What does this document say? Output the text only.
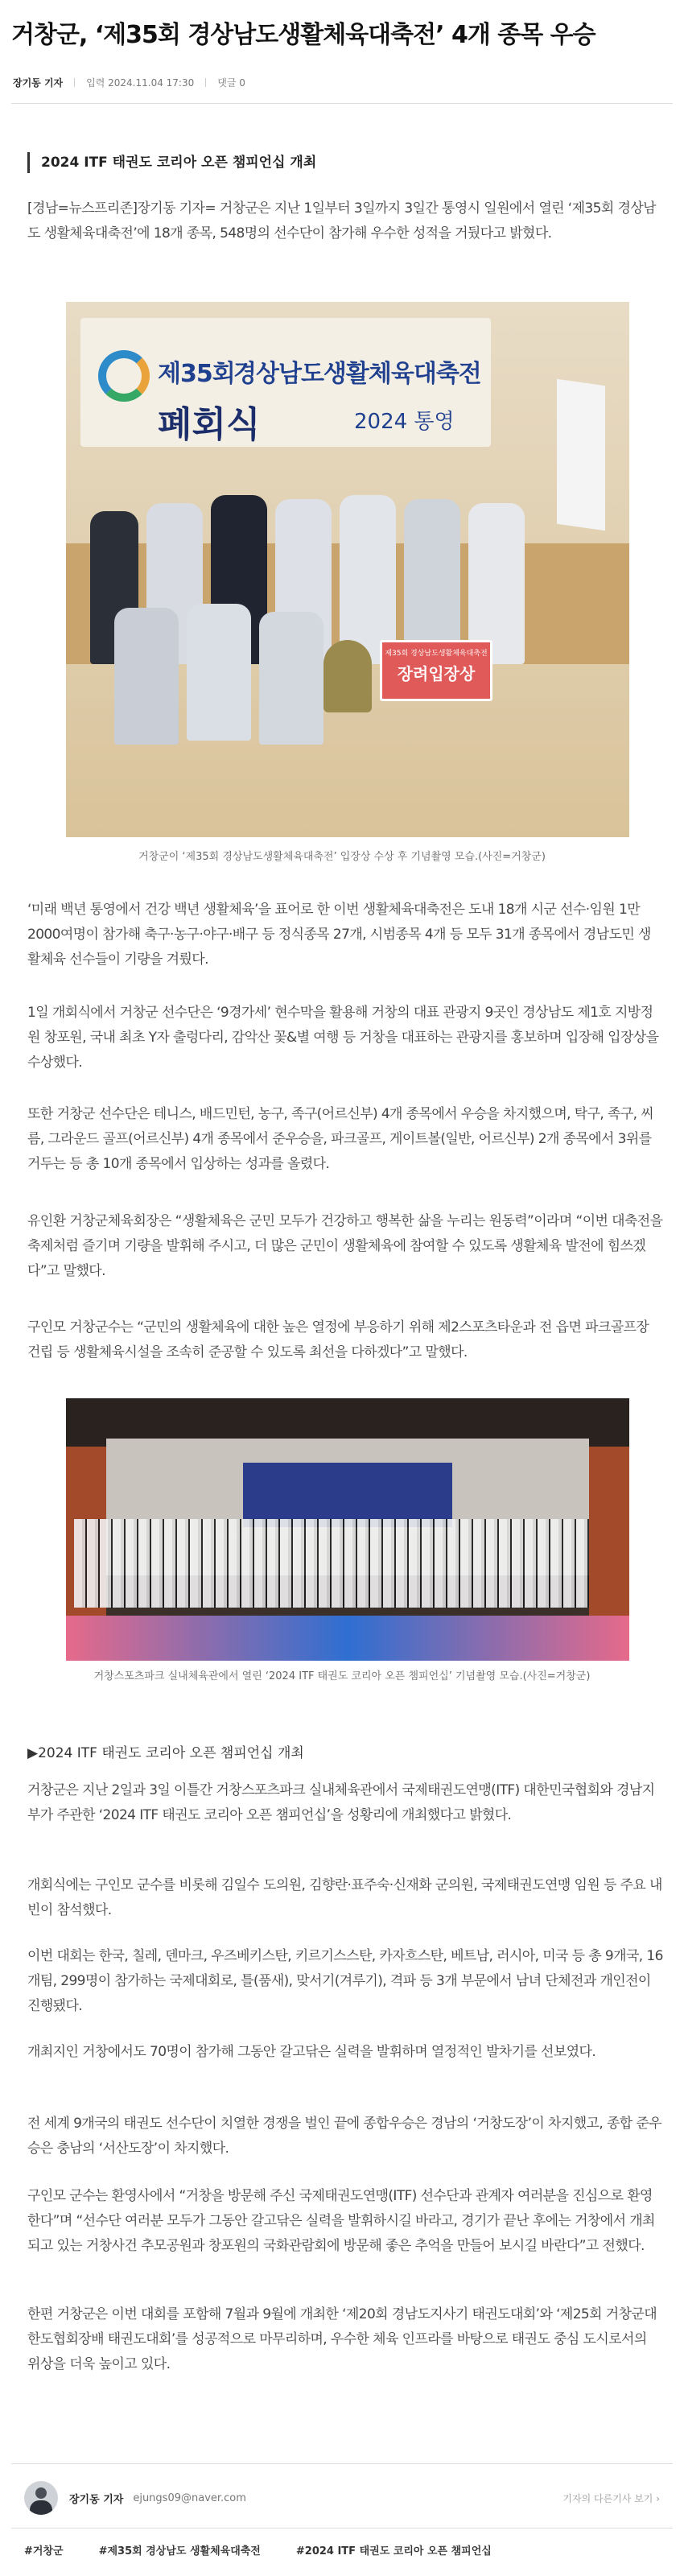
거창군, ‘제35회 경상남도생활체육대축전’ 4개 종목 우승
장기동 기자 입력 2024.11.04 17:30 댓글 0
2024 ITF 태권도 코리아 오픈 챔피언십 개최

[경남=뉴스프리존]장기동 기자= 거창군은 지난 1일부터 3일까지 3일간 통영시 일원에서 열린 ‘제35회 경상남도 생활체육대축전’에 18개 종목, 548명의 선수단이 참가해 우수한 성적을 거뒀다고 밝혔다.

제35회
경상남도생활체육대축전
폐회식	2024 통영
제35회 경상남도생활체육대축전
장려입장상

거창군이 ‘제35회 경상남도생활체육대축전’ 입장상 수상 후 기념촬영 모습.(사진=거창군)

‘미래 백년 통영에서 건강 백년 생활체육’을 표어로 한 이번 생활체육대축전은 도내 18개 시군 선수·임원 1만2000여명이 참가해 축구·농구·야구·배구 등 정식종목 27개, 시범종목 4개 등 모두 31개 종목에서 경남도민 생활체육 선수들이 기량을 겨뤘다.

1일 개회식에서 거창군 선수단은 ‘9경가세’ 현수막을 활용해 거창의 대표 관광지 9곳인 경상남도 제1호 지방정원 창포원, 국내 최초 Y자 출렁다리, 감악산 꽃&별 여행 등 거창을 대표하는 관광지를 홍보하며 입장해 입장상을 수상했다.

또한 거창군 선수단은 테니스, 배드민턴, 농구, 족구(어르신부) 4개 종목에서 우승을 차지했으며, 탁구, 족구, 씨름, 그라운드 골프(어르신부) 4개 종목에서 준우승을, 파크골프, 게이트볼(일반, 어르신부) 2개 종목에서 3위를 거두는 등 총 10개 종목에서 입상하는 성과를 올렸다.

유인환 거창군체육회장은 “생활체육은 군민 모두가 건강하고 행복한 삶을 누리는 원동력”이라며 “이번 대축전을 축제처럼 즐기며 기량을 발휘해 주시고, 더 많은 군민이 생활체육에 참여할 수 있도록 생활체육 발전에 힘쓰겠다”고 말했다.

구인모 거창군수는 “군민의 생활체육에 대한 높은 열정에 부응하기 위해 제2스포츠타운과 전 읍면 파크골프장 건립 등 생활체육시설을 조속히 준공할 수 있도록 최선을 다하겠다”고 말했다.

거창스포츠파크 실내체육관에서 열린 ‘2024 ITF 태권도 코리아 오픈 챔피언십’ 기념촬영 모습.(사진=거창군)

▶2024 ITF 태권도 코리아 오픈 챔피언십 개최

거창군은 지난 2일과 3일 이틀간 거창스포츠파크 실내체육관에서 국제태권도연맹(ITF) 대한민국협회와 경남지부가 주관한 ‘2024 ITF 태권도 코리아 오픈 챔피언십’을 성황리에 개최했다고 밝혔다.

개회식에는 구인모 군수를 비롯해 김일수 도의원, 김향란·표주숙·신재화 군의원, 국제태권도연맹 임원 등 주요 내빈이 참석했다.

이번 대회는 한국, 칠레, 덴마크, 우즈베키스탄, 키르기스스탄, 카자흐스탄, 베트남, 러시아, 미국 등 총 9개국, 16개팀, 299명이 참가하는 국제대회로, 틀(품새), 맞서기(겨루기), 격파 등 3개 부문에서 남녀 단체전과 개인전이 진행됐다.

개최지인 거창에서도 70명이 참가해 그동안 갈고닦은 실력을 발휘하며 열정적인 발차기를 선보였다.

전 세계 9개국의 태권도 선수단이 치열한 경쟁을 벌인 끝에 종합우승은 경남의 ‘거창도장’이 차지했고, 종합 준우승은 충남의 ‘서산도장’이 차지했다.

구인모 군수는 환영사에서 “거창을 방문해 주신 국제태권도연맹(ITF) 선수단과 관계자 여러분을 진심으로 환영한다”며 “선수단 여러분 모두가 그동안 갈고닦은 실력을 발휘하시길 바라고, 경기가 끝난 후에는 거창에서 개최되고 있는 거창사건 추모공원과 창포원의 국화관람회에 방문해 좋은 추억을 만들어 보시길 바란다”고 전했다.

한편 거창군은 이번 대회를 포함해 7월과 9월에 개최한 ‘제20회 경남도지사기 태권도대회’와 ‘제25회 거창군대한도협회장배 태권도대회’를 성공적으로 마무리하며, 우수한 체육 인프라를 바탕으로 태권도 중심 도시로서의 위상을 더욱 높이고 있다.

장기동 기자 ejungs09@naver.com	기자의 다른기사 보기 ›
#거창군	#제35회 경상남도 생활체육대축전	#2024 ITF 태권도 코리아 오픈 챔피언십
